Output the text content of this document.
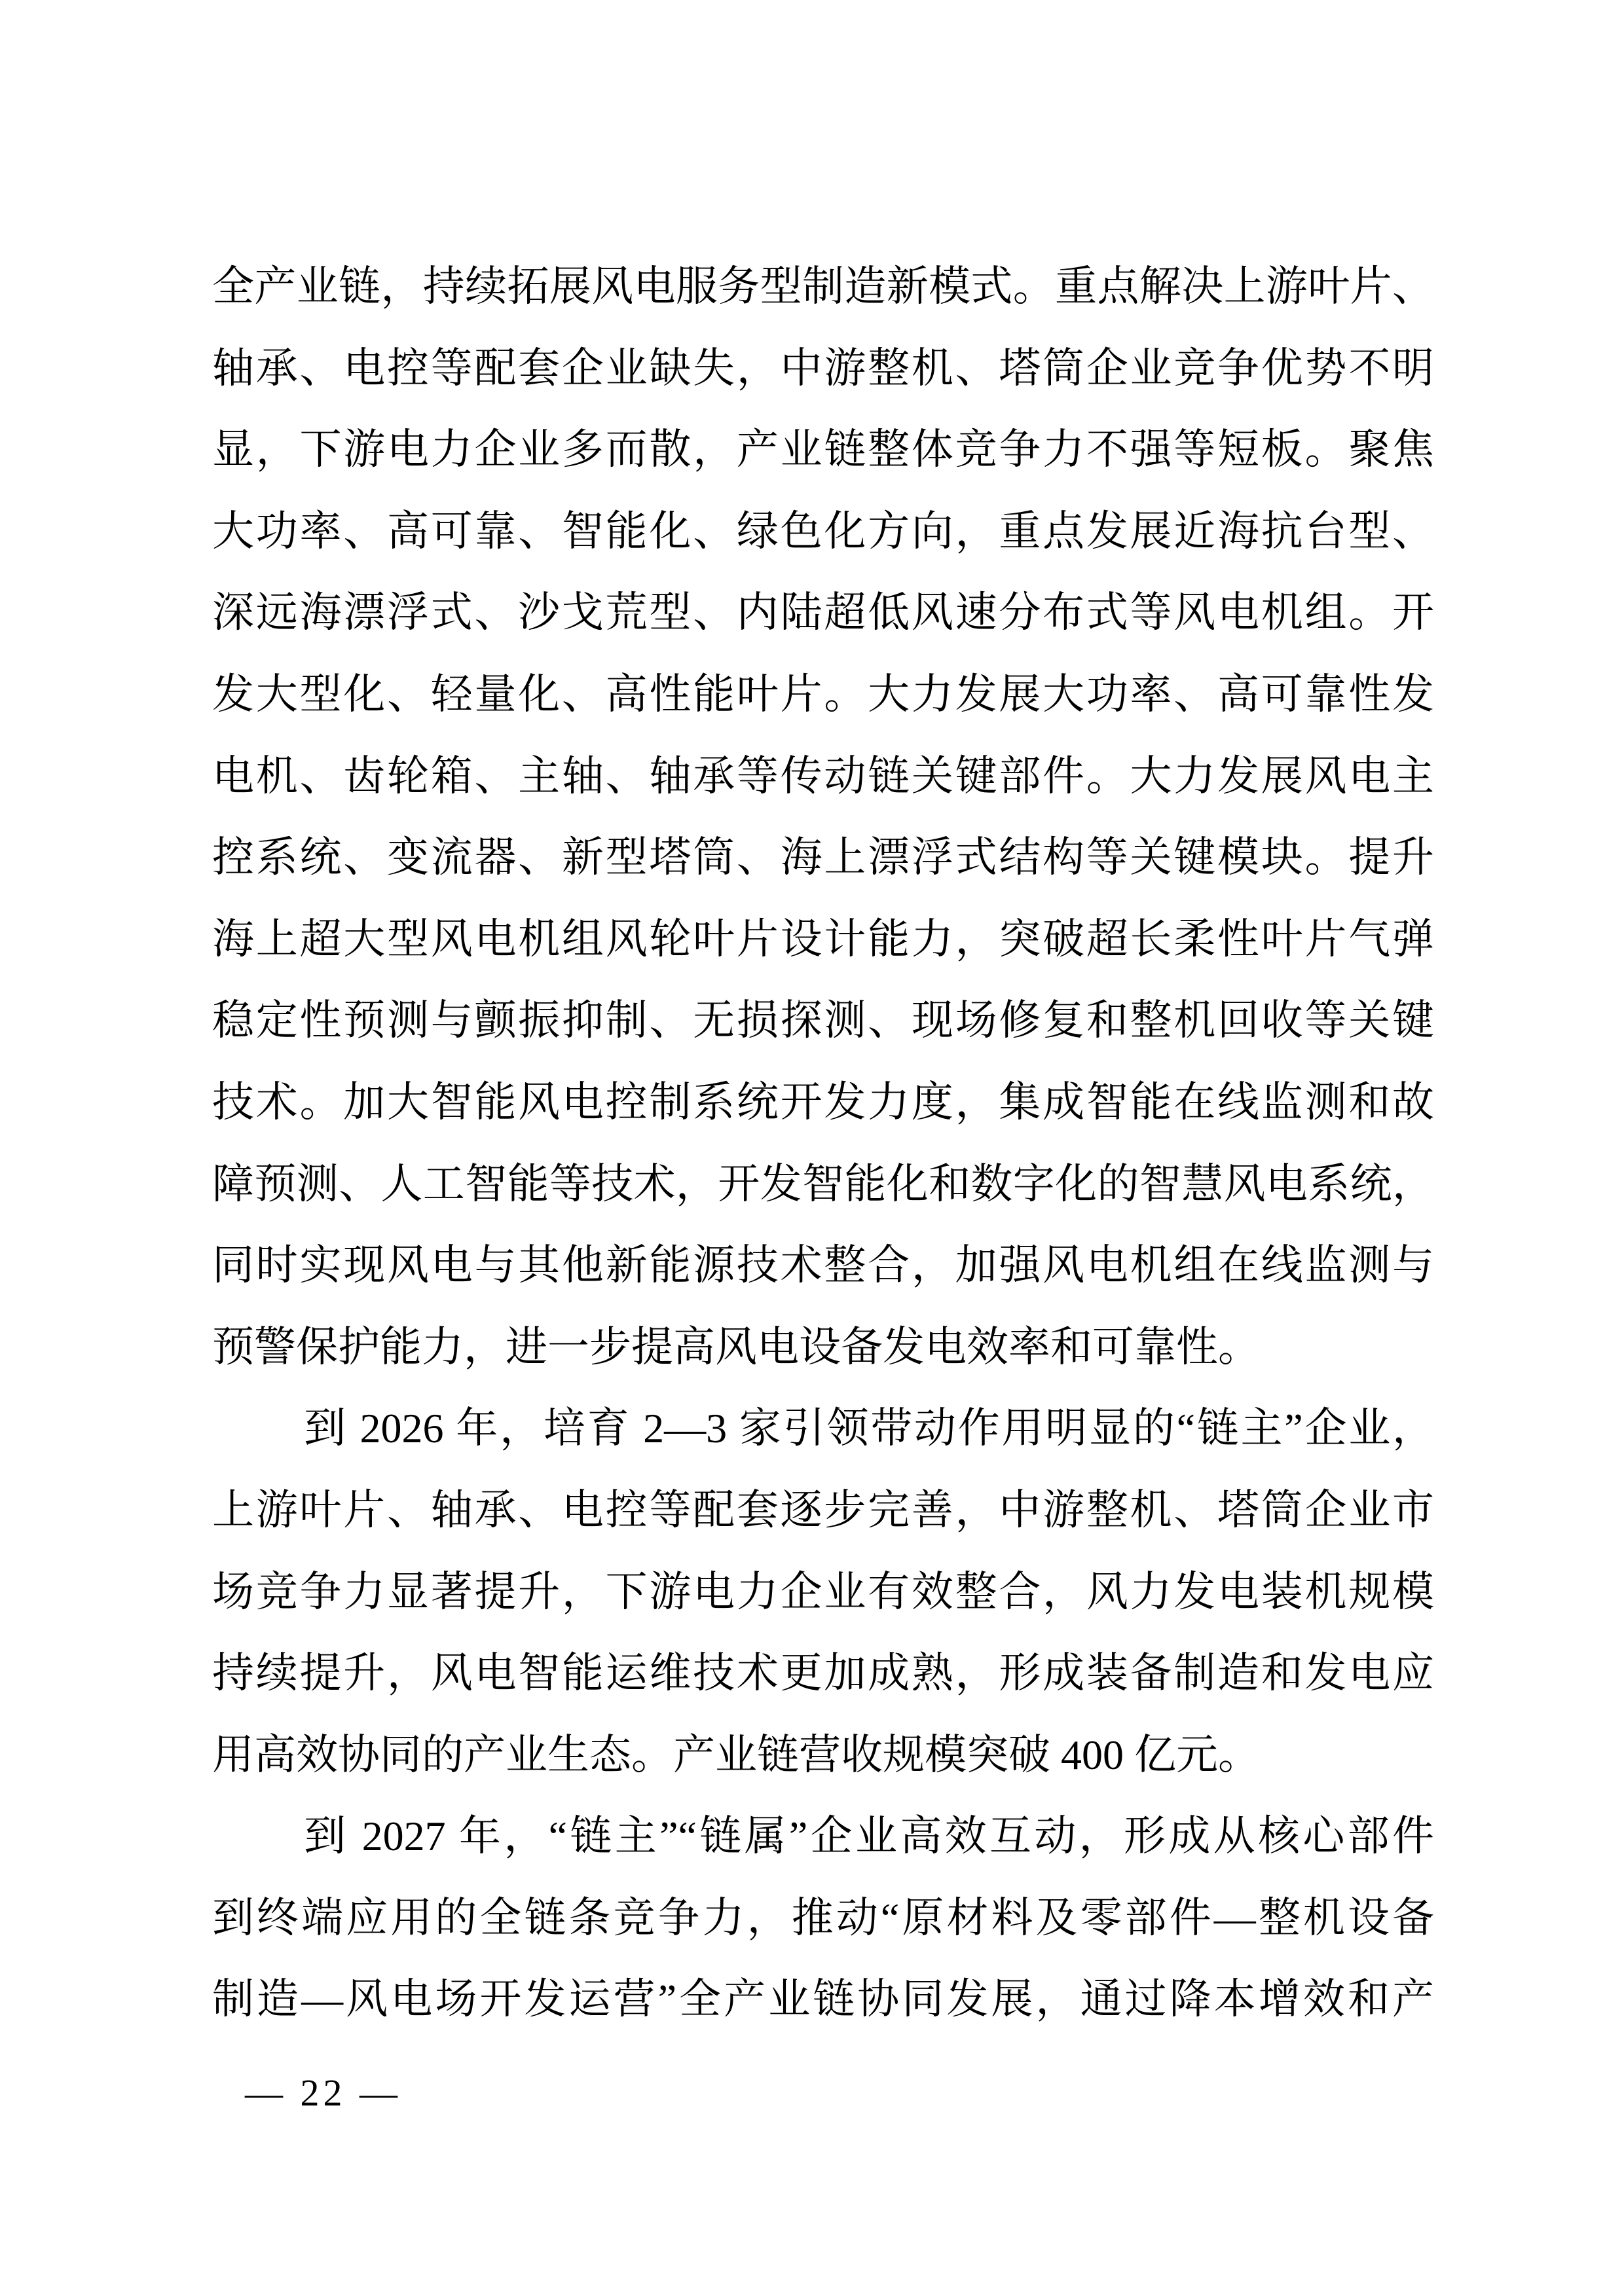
全产业链，持续拓展风电服务型制造新模式。重点解决上游叶片、
轴承、电控等配套企业缺失，中游整机、塔筒企业竞争优势不明
显，下游电力企业多而散，产业链整体竞争力不强等短板。聚焦
大功率、高可靠、智能化、绿色化方向，重点发展近海抗台型、
深远海漂浮式、沙戈荒型、内陆超低风速分布式等风电机组。开
发大型化、轻量化、高性能叶片。大力发展大功率、高可靠性发
电机、齿轮箱、主轴、轴承等传动链关键部件。大力发展风电主
控系统、变流器、新型塔筒、海上漂浮式结构等关键模块。提升
海上超大型风电机组风轮叶片设计能力，突破超长柔性叶片气弹
稳定性预测与颤振抑制、无损探测、现场修复和整机回收等关键
技术。加大智能风电控制系统开发力度，集成智能在线监测和故
障预测、人工智能等技术，开发智能化和数字化的智慧风电系统，
同时实现风电与其他新能源技术整合，加强风电机组在线监测与
预警保护能力，进一步提高风电设备发电效率和可靠性。
到 2026 年，培育 2—3 家引领带动作用明显的“链主”企业，
上游叶片、轴承、电控等配套逐步完善，中游整机、塔筒企业市
场竞争力显著提升，下游电力企业有效整合，风力发电装机规模
持续提升，风电智能运维技术更加成熟，形成装备制造和发电应
用高效协同的产业生态。产业链营收规模突破 400 亿元。
到 2027 年，“链主”“链属”企业高效互动，形成从核心部件
到终端应用的全链条竞争力，推动“原材料及零部件—整机设备
制造—风电场开发运营”全产业链协同发展，通过降本增效和产
— 22 —
